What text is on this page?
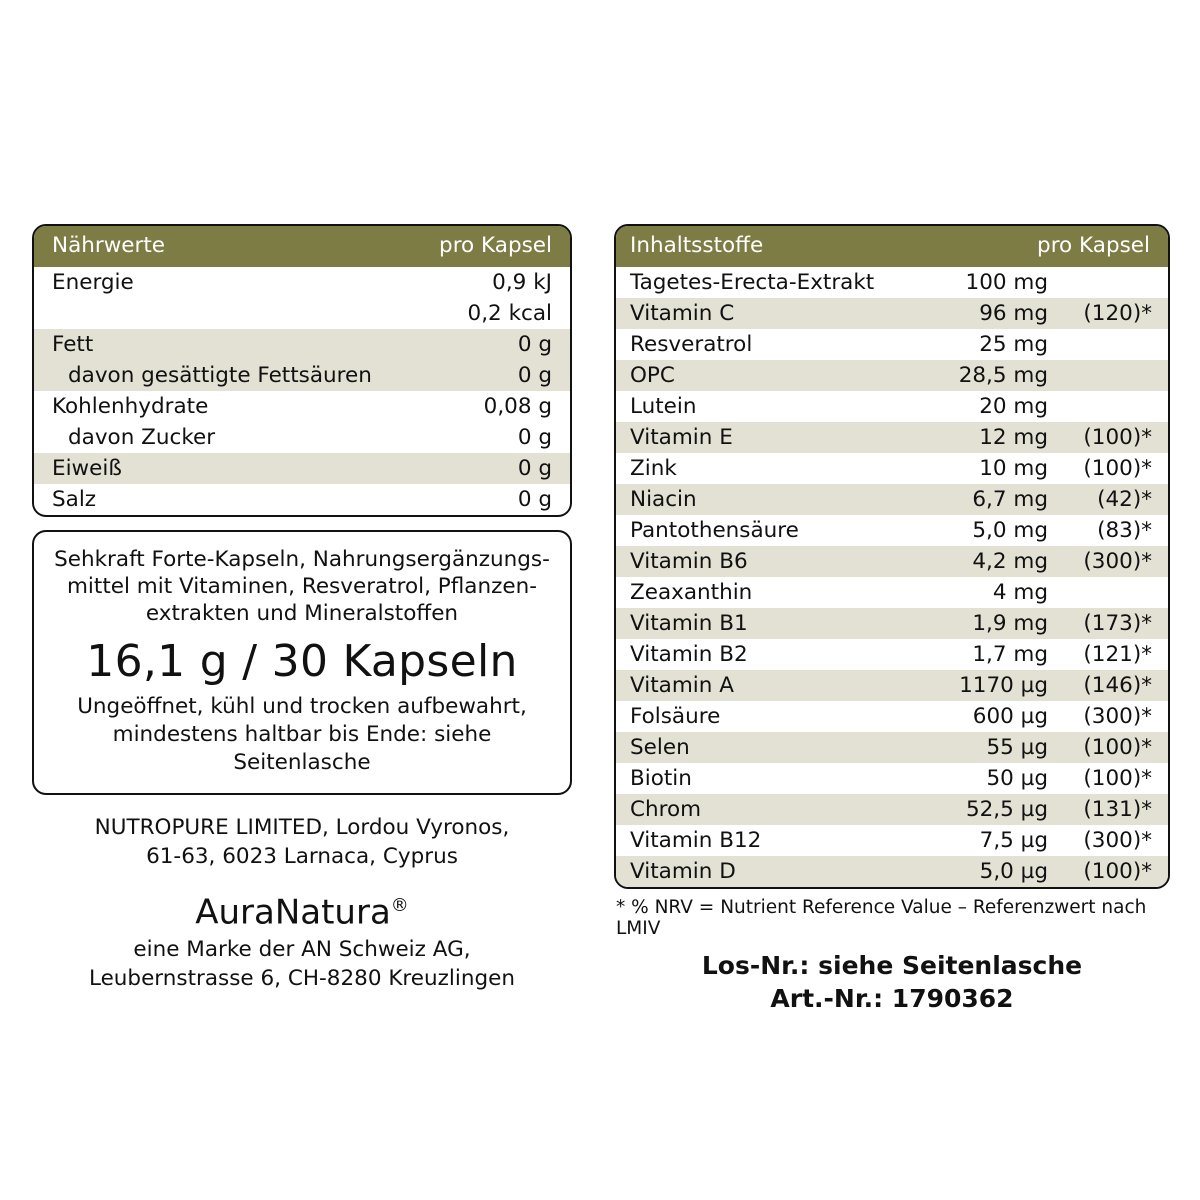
Nährwerte	pro Kapsel
Energie	0,9 kJ
	0,2 kcal
Fett	0 g
davon gesättigte Fettsäuren	0 g
Kohlenhydrate	0,08 g
davon Zucker	0 g
Eiweiß	0 g
Salz	0 g
Sehkraft Forte-Kapseln, Nahrungsergänzungs-
mittel mit Vitaminen, Resveratrol, Pflanzen-
extrakten und Mineralstoffen
16,1 g / 30 Kapseln
Ungeöffnet, kühl und trocken aufbewahrt,
mindestens haltbar bis Ende: siehe Seitenlasche
NUTROPURE LIMITED, Lordou Vyronos,
61-63, 6023 Larnaca, Cyprus
AuraNatura®
eine Marke der AN Schweiz AG,
Leubernstrasse 6, CH-8280 Kreuzlingen
Inhaltsstoffe	pro Kapsel	
Tagetes-Erecta-Extrakt	100 mg	
Vitamin C	96 mg	(120)*
Resveratrol	25 mg	
OPC	28,5 mg	
Lutein	20 mg	
Vitamin E	12 mg	(100)*
Zink	10 mg	(100)*
Niacin	6,7 mg	(42)*
Pantothensäure	5,0 mg	(83)*
Vitamin B6	4,2 mg	(300)*
Zeaxanthin	4 mg	
Vitamin B1	1,9 mg	(173)*
Vitamin B2	1,7 mg	(121)*
Vitamin A	1170 µg	(146)*
Folsäure	600 µg	(300)*
Selen	55 µg	(100)*
Biotin	50 µg	(100)*
Chrom	52,5 µg	(131)*
Vitamin B12	7,5 µg	(300)*
Vitamin D	5,0 µg	(100)*
* % NRV = Nutrient Reference Value – Referenzwert nach LMIV
Los-Nr.: siehe Seitenlasche
Art.-Nr.: 1790362
